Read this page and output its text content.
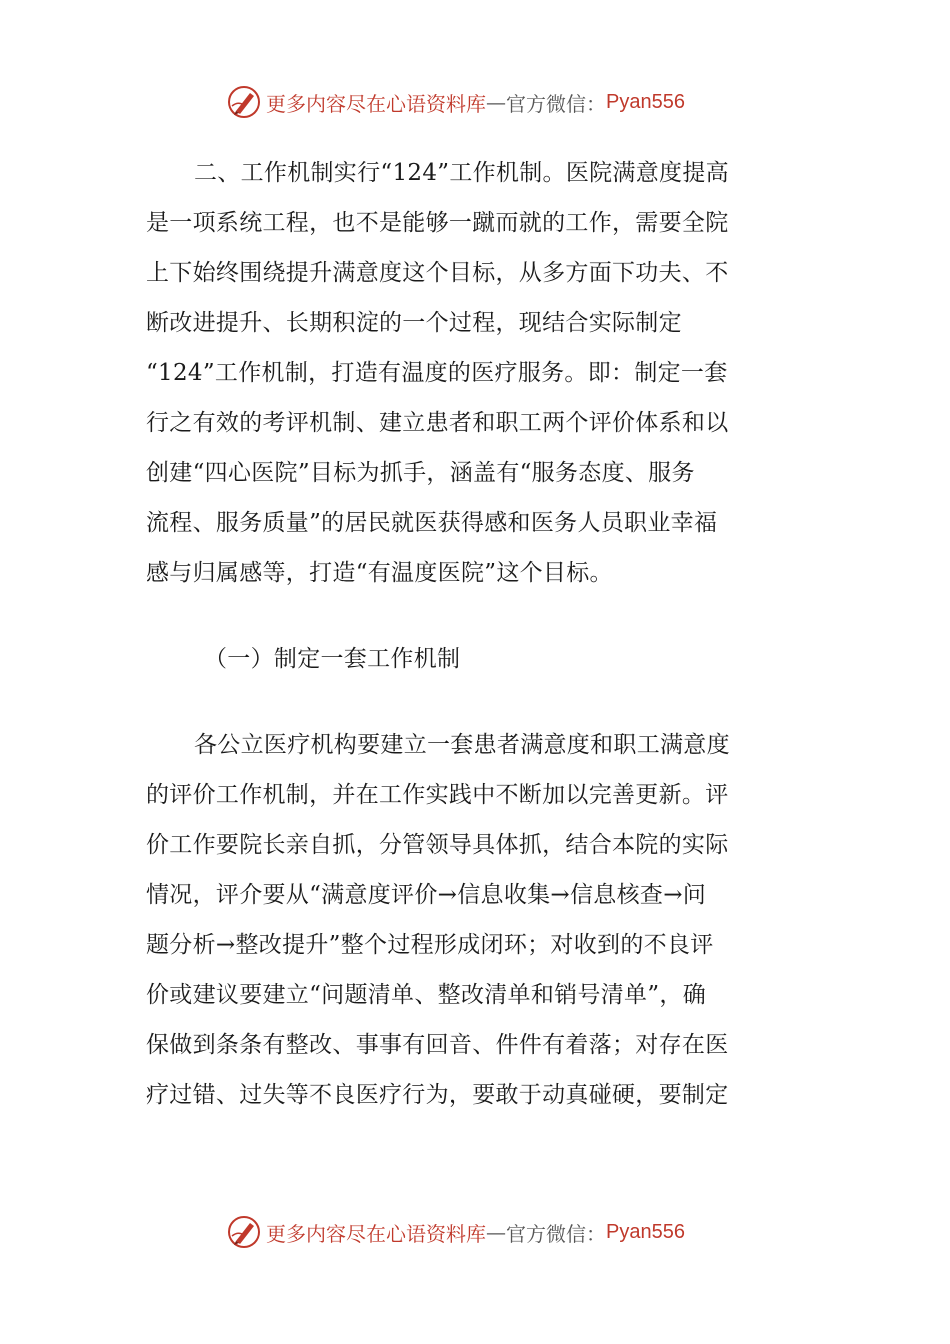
更多内容尽在心语资料库 — 官方微信： Pyan556
二、工作机制实行“124”工作机制。医院满意度提高
是一项系统工程，也不是能够一蹴而就的工作，需要全院
上下始终围绕提升满意度这个目标，从多方面下功夫、不
断改进提升、长期积淀的一个过程，现结合实际制定
“124”工作机制，打造有温度的医疗服务。即：制定一套
行之有效的考评机制、建立患者和职工两个评价体系和以
创建“四心医院”目标为抓手，涵盖有“服务态度、服务
流程、服务质量”的居民就医获得感和医务人员职业幸福
感与归属感等，打造“有温度医院”这个目标。
（一）制定一套工作机制
各公立医疗机构要建立一套患者满意度和职工满意度
的评价工作机制，并在工作实践中不断加以完善更新。评
价工作要院长亲自抓，分管领导具体抓，结合本院的实际
情况，评介要从“满意度评价→信息收集→信息核查→问
题分析→整改提升”整个过程形成闭环；对收到的不良评
价或建议要建立“问题清单、整改清单和销号清单”，确
保做到条条有整改、事事有回音、件件有着落；对存在医
疗过错、过失等不良医疗行为，要敢于动真碰硬，要制定
更多内容尽在心语资料库 — 官方微信： Pyan556
